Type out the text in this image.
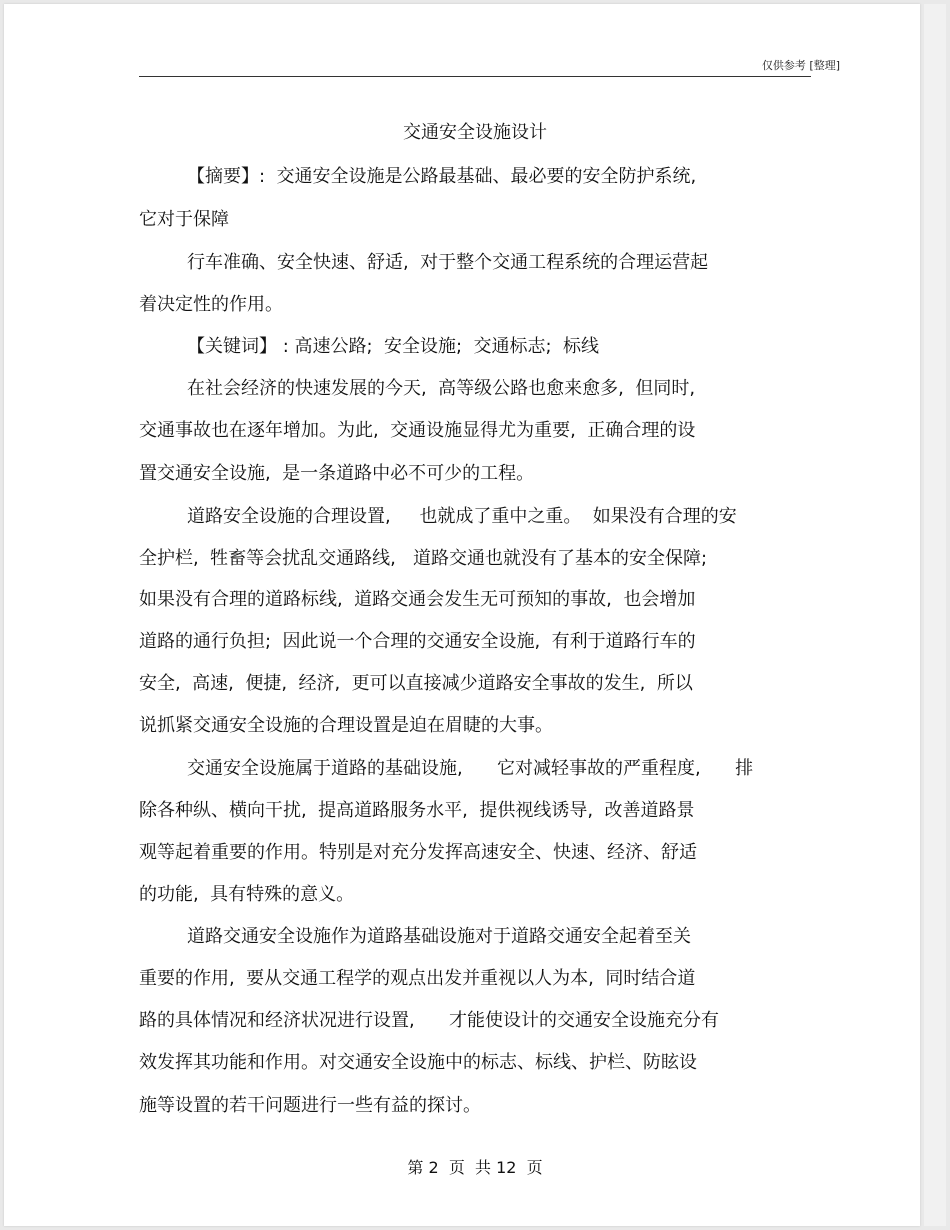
仅供参考 [整理]
交通安全设施设计
【摘要】:  交通安全设施是公路最基础、最必要的安全防护系统,
它对于保障
行车准确、安全快速、舒适,  对于整个交通工程系统的合理运营起
着决定性的作用。
【关键词】 : 高速公路;  安全设施;  交通标志;  标线
在社会经济的快速发展的今天,  高等级公路也愈来愈多,  但同时,
交通事故也在逐年增加。为此,  交通设施显得尤为重要,  正确合理的设
置交通安全设施,  是一条道路中必不可少的工程。
道路安全设施的合理设置,     也就成了重中之重。  如果没有合理的安
全护栏,  牲畜等会扰乱交通路线,   道路交通也就没有了基本的安全保障;
如果没有合理的道路标线,  道路交通会发生无可预知的事故,  也会增加
道路的通行负担;  因此说一个合理的交通安全设施,  有利于道路行车的
安全,  高速,  便捷,  经济,  更可以直接减少道路安全事故的发生,  所以
说抓紧交通安全设施的合理设置是迫在眉睫的大事。
交通安全设施属于道路的基础设施,      它对减轻事故的严重程度,      排
除各种纵、横向干扰,  提高道路服务水平,  提供视线诱导,  改善道路景
观等起着重要的作用。特别是对充分发挥高速安全、快速、经济、舒适
的功能,  具有特殊的意义。
道路交通安全设施作为道路基础设施对于道路交通安全起着至关
重要的作用,  要从交通工程学的观点出发并重视以人为本,  同时结合道
路的具体情况和经济状况进行设置,      才能使设计的交通安全设施充分有
效发挥其功能和作用。对交通安全设施中的标志、标线、护栏、防眩设
施等设置的若干问题进行一些有益的探讨。
第 2  页  共 12  页
